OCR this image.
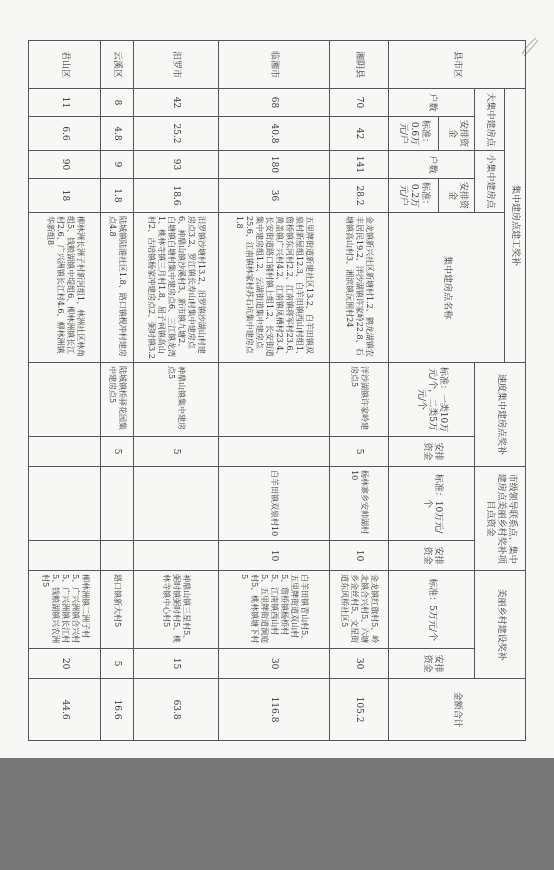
县市区	集中建房点建工奖补					速度集中建房点奖补		市级领导联系点、集中建房点美丽乡村奖补项目点资金		美丽乡村建设奖补		金额合计
	大集中建房点		小集中建房点		集中建房点名称							
	户数	安排资金	户数	安排资金		标准：一类10万元/个，二类5万元/个	安排资金	标准：10万元/个	安排资金	标准：5万元/个	安排资金	
		标准：0.6万元/户		标准：0.2万元/户								
湘阴县	70	42	141	28.2	金龙镇新兴社区新塘村1.2、鹤龙湖镇农丰居民19.2、洋沙湖镇许家岭22.8、石塘镇高山村3、湘滨镇沅围村24	洋沙湖镇许家岭建房点5	5	杨林寨乡安帅湖村10	10	金龙镇红旗村5、岭北镇合兴村5、六塘乡金丝村5、文星街道东风桥社区5	30	105.2
临湘市	68	40.8	180	36	五里牌街道新建社区13.2、白羊田镇双泉村新屋组12.3、白羊田镇西山村组1、詹桥镇东河村2.2、江南镇将军村23.6、黄盖镇广兴村4.2、江南镇凤栖村23.4、长安街道路口铺村镇上组1.2、长安街道集中建房组1.2、云湖街道集中建房点25.6、江南镇林家村苏石坑集中建房点1.8			白羊田镇双泉村10	10	白羊田镇青山村5、五里牌街道双山村5、詹桥镇杨桥村5、江南镇西山村5、五里牌街道洞庭村5、桃林镇塘下村5	30	116.8
汨罗市	42	25.2	93	18.6	汨罗镇沙塘村13.2、汨罗镇沙湖山村建房点3.2、罗江镇长寿山村集中建房点6、神鼎山镇沙溪村3、新市镇九塘2、白塘镇白塘村集中建房点6、三江镇龙湾1、桃林寺镇三月村1.8、屈子祠镇高山村2、古培镇杨家冲建房点2、弼时镇3.2	神鼎山镇集中建房点5	5			神鼎山镇三星村5、弼时镇弼时村5、桃林寺镇中心村5	15	63.8
云溪区	8	4.8	9	1.8	陆城镇陆港社区1.8、路口镇枧冲村建房点4.8	陆城镇桥驿花园集中建房点5	5			路口镇新大村5	5	16.6
君山区	11	6.6	90	18	柳林洲长洲子村新河组1、林洲社区林角组5、钱粮湖镇中堤组6、柳林洲镇长江村2.6、广兴洲镇长江村4.6、柳林洲镇华新组8					柳林洲镇二洲子村5、广兴洲镇合兴村5、广兴洲镇长江村5、钱粮湖镇兴农洲村5	20	44.6
